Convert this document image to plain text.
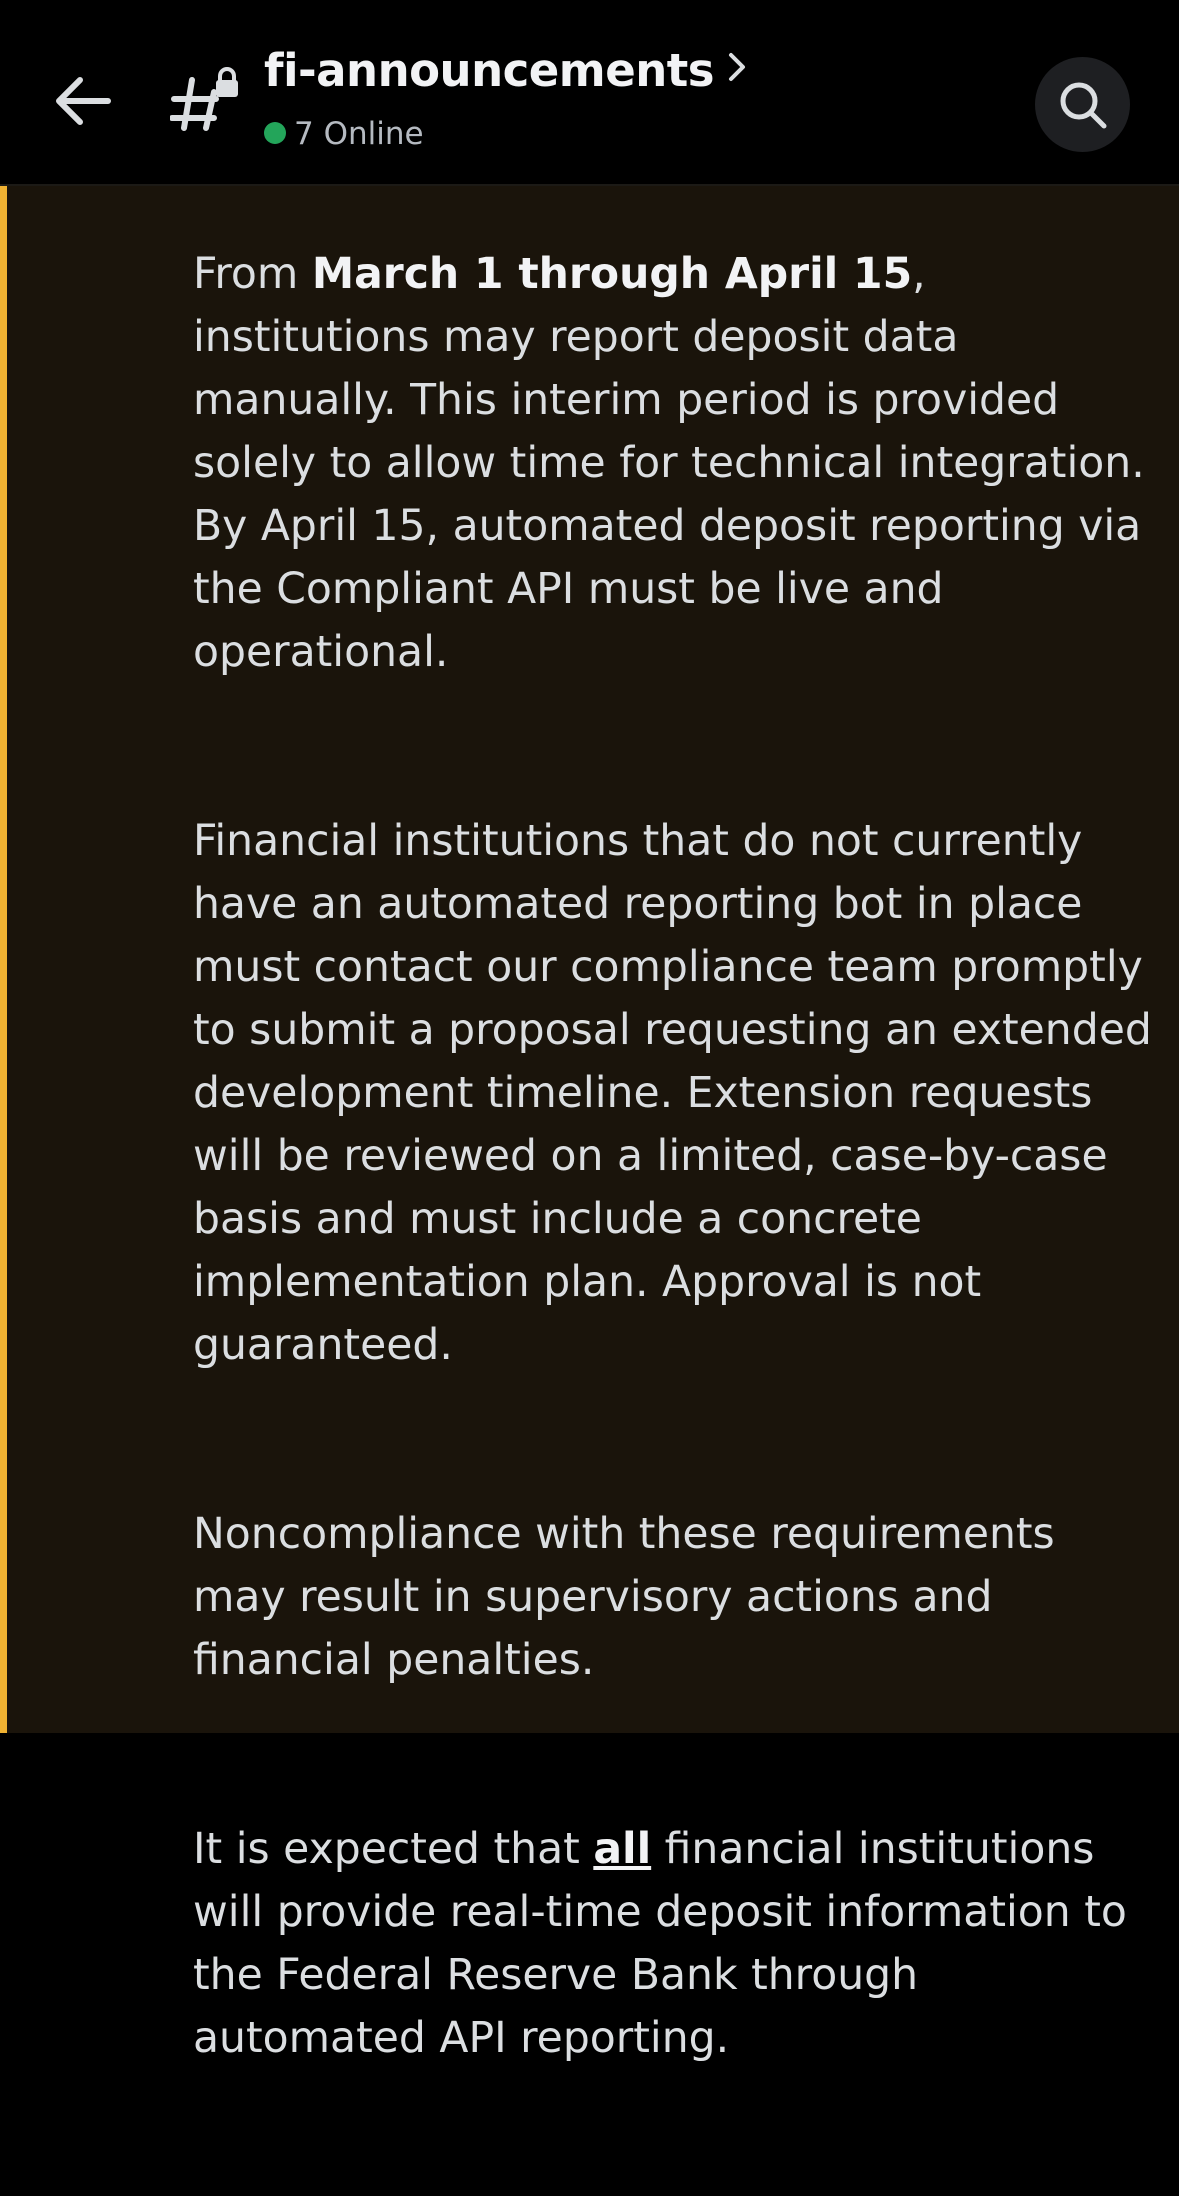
fi-announcements
7 Online

From March 1 through April 15, institutions may report deposit data manually. This interim period is provided solely to allow time for technical integration. By April 15, automated deposit reporting via the Compliant API must be live and operational.

Financial institutions that do not currently have an automated reporting bot in place must contact our compliance team promptly to submit a proposal requesting an extended development timeline. Extension requests will be reviewed on a limited, case-by-case basis and must include a concrete implementation plan. Approval is not guaranteed.

Noncompliance with these requirements may result in supervisory actions and financial penalties.

It is expected that all financial institutions will provide real-time deposit information to the Federal Reserve Bank through automated API reporting.
